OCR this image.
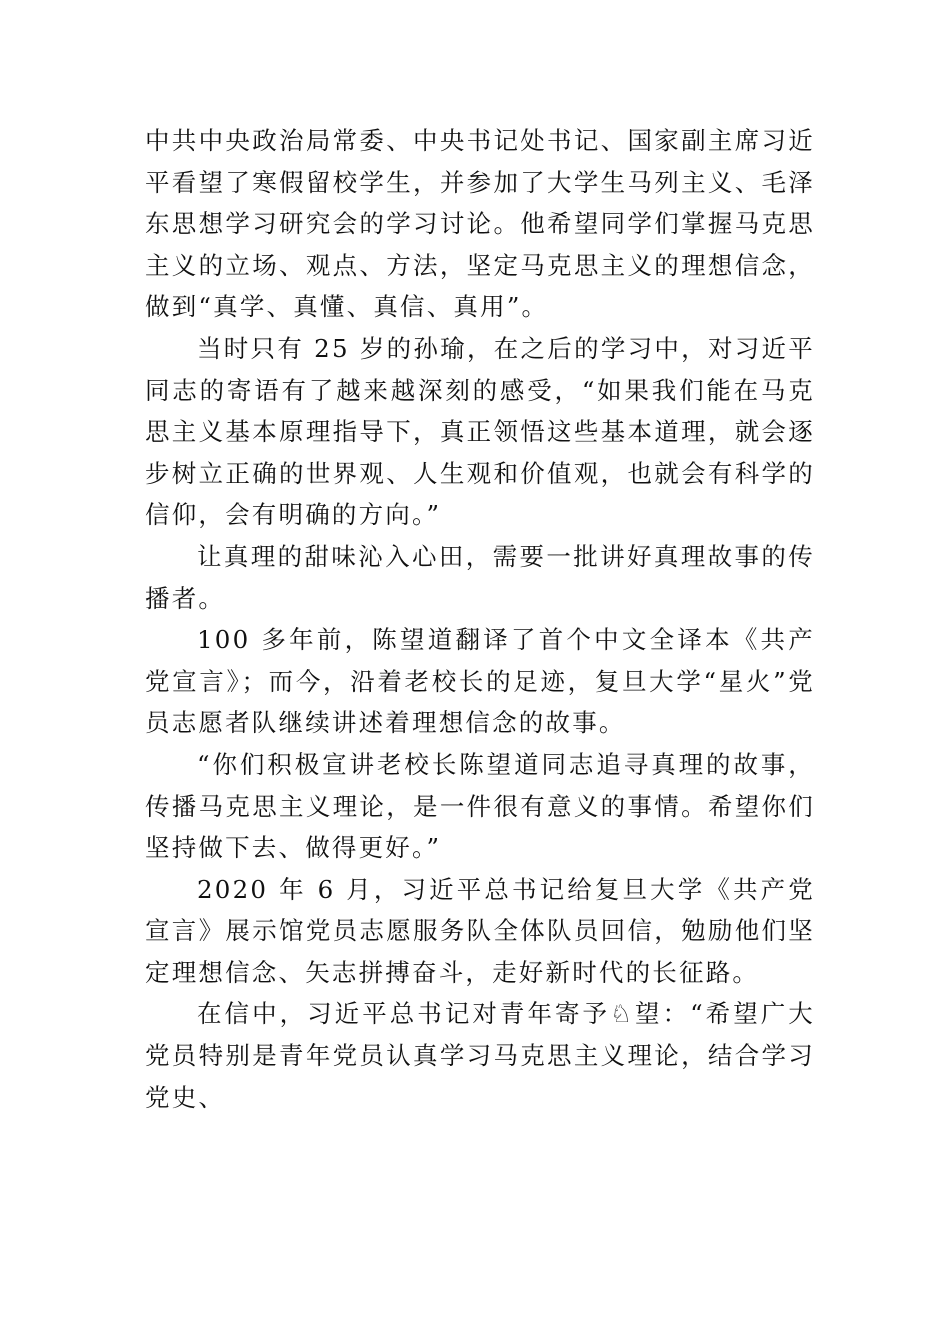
中共中央政治局常委、中央书记处书记、国家副主席习近平看望了寒假留校学生，并参加了大学生马列主义、毛泽东思想学习研究会的学习讨论。他希望同学们掌握马克思主义的立场、观点、方法，坚定马克思主义的理想信念，做到“真学、真懂、真信、真用”。

当时只有 25 岁的孙瑜，在之后的学习中，对习近平同志的寄语有了越来越深刻的感受，“如果我们能在马克思主义基本原理指导下，真正领悟这些基本道理，就会逐步树立正确的世界观、人生观和价值观，也就会有科学的信仰，会有明确的方向。”

让真理的甜味沁入心田，需要一批讲好真理故事的传播者。

100 多年前，陈望道翻译了首个中文全译本《共产党宣言》；而今，沿着老校长的足迹，复旦大学“星火”党员志愿者队继续讲述着理想信念的故事。

“你们积极宣讲老校长陈望道同志追寻真理的故事，传播马克思主义理论，是一件很有意义的事情。希望你们坚持做下去、做得更好。”

2020 年 6 月，习近平总书记给复旦大学《共产党宣言》展示馆党员志愿服务队全体队员回信，勉励他们坚定理想信念、矢志拼搏奋斗，走好新时代的长征路。

在信中，习近平总书记对青年寄予♘望：“希望广大党员特别是青年党员认真学习马克思主义理论，结合学习党史、
